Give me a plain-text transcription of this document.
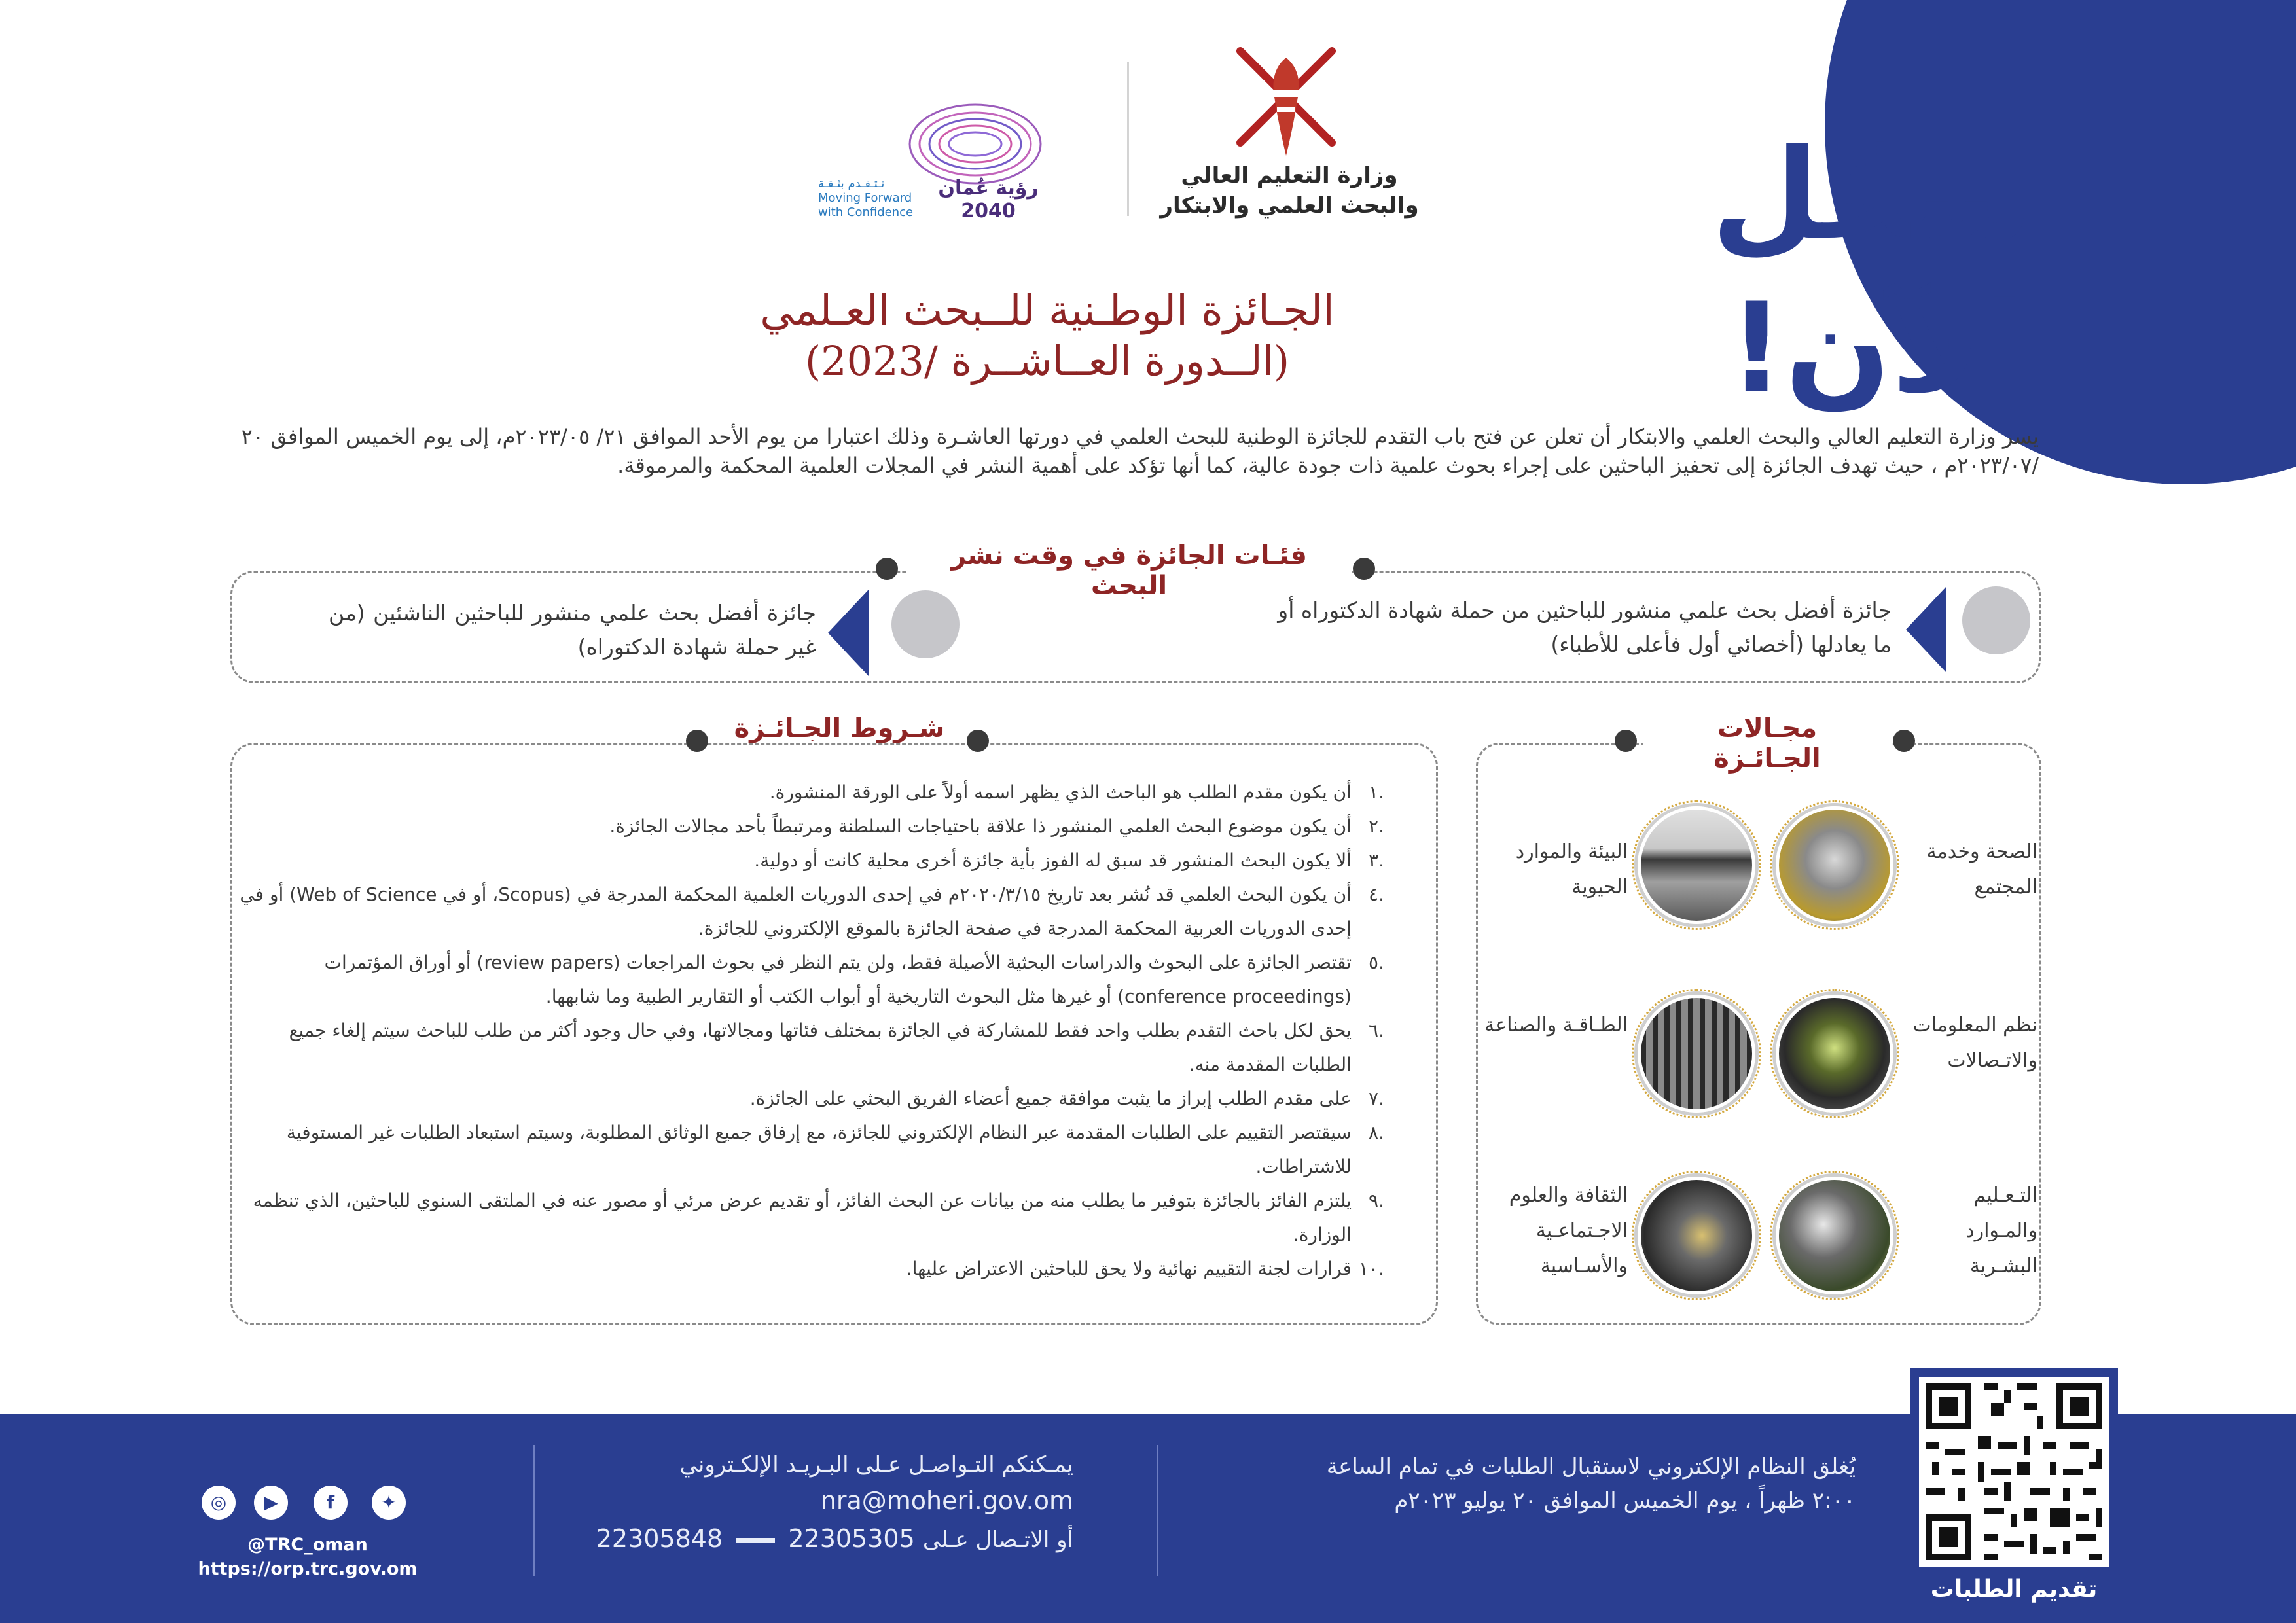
سجّل
الآن!
وزارة التعليم العالي
والبحث العلمي والابتكار
رؤية عُمان 2040
نـتـقـدم بثـقـة
Moving Forward
with Confidence
الجـائزة الوطـنية للــبحث العـلمي
(الــدورة العــاشــرة /2023)
يسر وزارة التعليم العالي والبحث العلمي والابتكار أن تعلن عن فتح باب التقدم للجائزة الوطنية للبحث العلمي في دورتها العاشـرة وذلك اعتبارا من يوم الأحد الموافق ٢١/ ٢٠٢٣/٠٥م، إلى يوم الخميس الموافق ٢٠ /٢٠٢٣/٠٧م ، حيث تهدف الجائزة إلى تحفيز الباحثين على إجراء بحوث علمية ذات جودة عالية، كما أنها تؤكد على أهمية النشر في المجلات العلمية المحكمة والمرموقة.
فئـات الجائزة في وقت نشر البحث
جائزة أفضل بحث علمي منشور للباحثين من حملة شهادة الدكتوراه أو ما يعادلها (أخصائي أول فأعلى للأطباء)
جائزة أفضل بحث علمي منشور للباحثين الناشئين (من غير حملة شهادة الدكتوراه)
مجـالات الجـائـزة
الصحة وخدمة المجتمع
البيئة والموارد الحيوية
نظم المعلومات والاتـصالات
الطـاقـة والصناعة
التـعـليم والمـوارد البشـرية
الثقافة والعلوم الاجـتماعـية والأسـاسية
شـروط الجـائـزة
.١
أن يكون مقدم الطلب هو الباحث الذي يظهر اسمه أولاً على الورقة المنشورة.
.٢
أن يكون موضوع البحث العلمي المنشور ذا علاقة باحتياجات السلطنة ومرتبطاً بأحد مجالات الجائزة.
.٣
ألا يكون البحث المنشور قد سبق له الفوز بأية جائزة أخرى محلية كانت أو دولية.
.٤
أن يكون البحث العلمي قد نُشر بعد تاريخ ٢٠٢٠/٣/١٥م في إحدى الدوريات العلمية المحكمة المدرجة في (Scopus، أو في Web of Science) أو في إحدى الدوريات العربية المحكمة المدرجة في صفحة الجائزة بالموقع الإلكتروني للجائزة.
.٥
تقتصر الجائزة على البحوث والدراسات البحثية الأصيلة فقط، ولن يتم النظر في بحوث المراجعات (review papers) أو أوراق المؤتمرات (conference proceedings) أو غيرها مثل البحوث التاريخية أو أبواب الكتب أو التقارير الطبية وما شابهها.
.٦
يحق لكل باحث التقدم بطلب واحد فقط للمشاركة في الجائزة بمختلف فئاتها ومجالاتها، وفي حال وجود أكثر من طلب للباحث سيتم إلغاء جميع الطلبات المقدمة منه.
.٧
على مقدم الطلب إبراز ما يثبت موافقة جميع أعضاء الفريق البحثي على الجائزة.
.٨
سيقتصر التقييم على الطلبات المقدمة عبر النظام الإلكتروني للجائزة، مع إرفاق جميع الوثائق المطلوبة، وسيتم استبعاد الطلبات غير المستوفية للاشتراطات.
.٩
يلتزم الفائز بالجائزة بتوفير ما يطلب منه من بيانات عن البحث الفائز، أو تقديم عرض مرئي أو مصور عنه في الملتقى السنوي للباحثين، الذي تنظمه الوزارة.
.١٠
قرارات لجنة التقييم نهائية ولا يحق للباحثين الاعتراض عليها.
يُغلق النظام الإلكتروني لاستقبال الطلبات في تمام الساعة ٢:٠٠ ظهراً ، يوم الخميس الموافق ٢٠ يوليو ٢٠٢٣م
يمـكنكم التـواصـل عـلى البـريـد الإلكـتروني
nra@moheri.gov.om
أو الاتـصال عـلى 22305305  22305848
◎	▶	f	✦
@TRC_oman
https://orp.trc.gov.om
تقديم الطلبات
